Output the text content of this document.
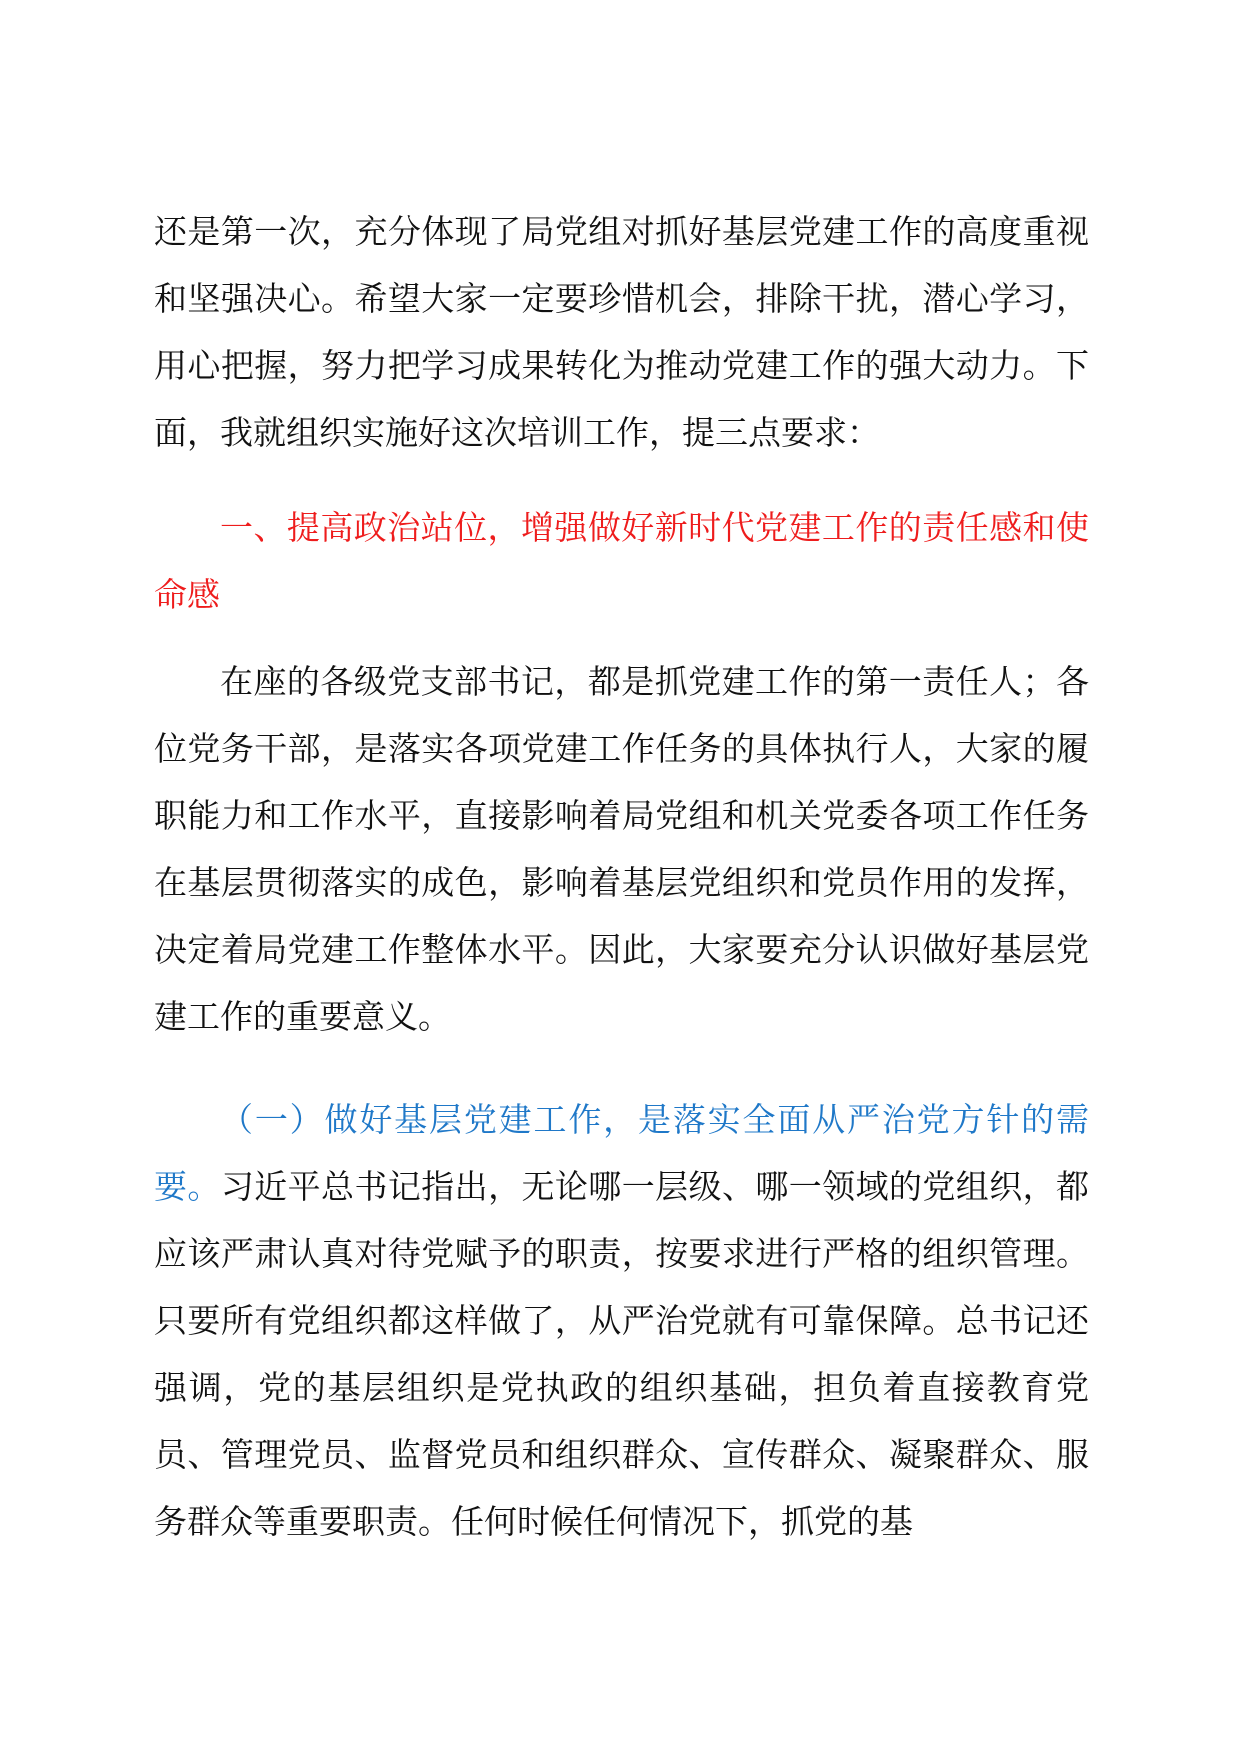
还是第一次，充分体现了局党组对抓好基层党建工作的高度重视和坚强决心。希望大家一定要珍惜机会，排除干扰，潜心学习，用心把握，努力把学习成果转化为推动党建工作的强大动力。下面，我就组织实施好这次培训工作，提三点要求：

一、提高政治站位，增强做好新时代党建工作的责任感和使命感

在座的各级党支部书记，都是抓党建工作的第一责任人；各位党务干部，是落实各项党建工作任务的具体执行人，大家的履职能力和工作水平，直接影响着局党组和机关党委各项工作任务在基层贯彻落实的成色，影响着基层党组织和党员作用的发挥，决定着局党建工作整体水平。因此，大家要充分认识做好基层党建工作的重要意义。

（一）做好基层党建工作，是落实全面从严治党方针的需要。习近平总书记指出，无论哪一层级、哪一领域的党组织，都应该严肃认真对待党赋予的职责，按要求进行严格的组织管理。只要所有党组织都这样做了，从严治党就有可靠保障。总书记还强调，党的基层组织是党执政的组织基础，担负着直接教育党员、管理党员、监督党员和组织群众、宣传群众、凝聚群众、服务群众等重要职责。任何时候任何情况下，抓党的基
